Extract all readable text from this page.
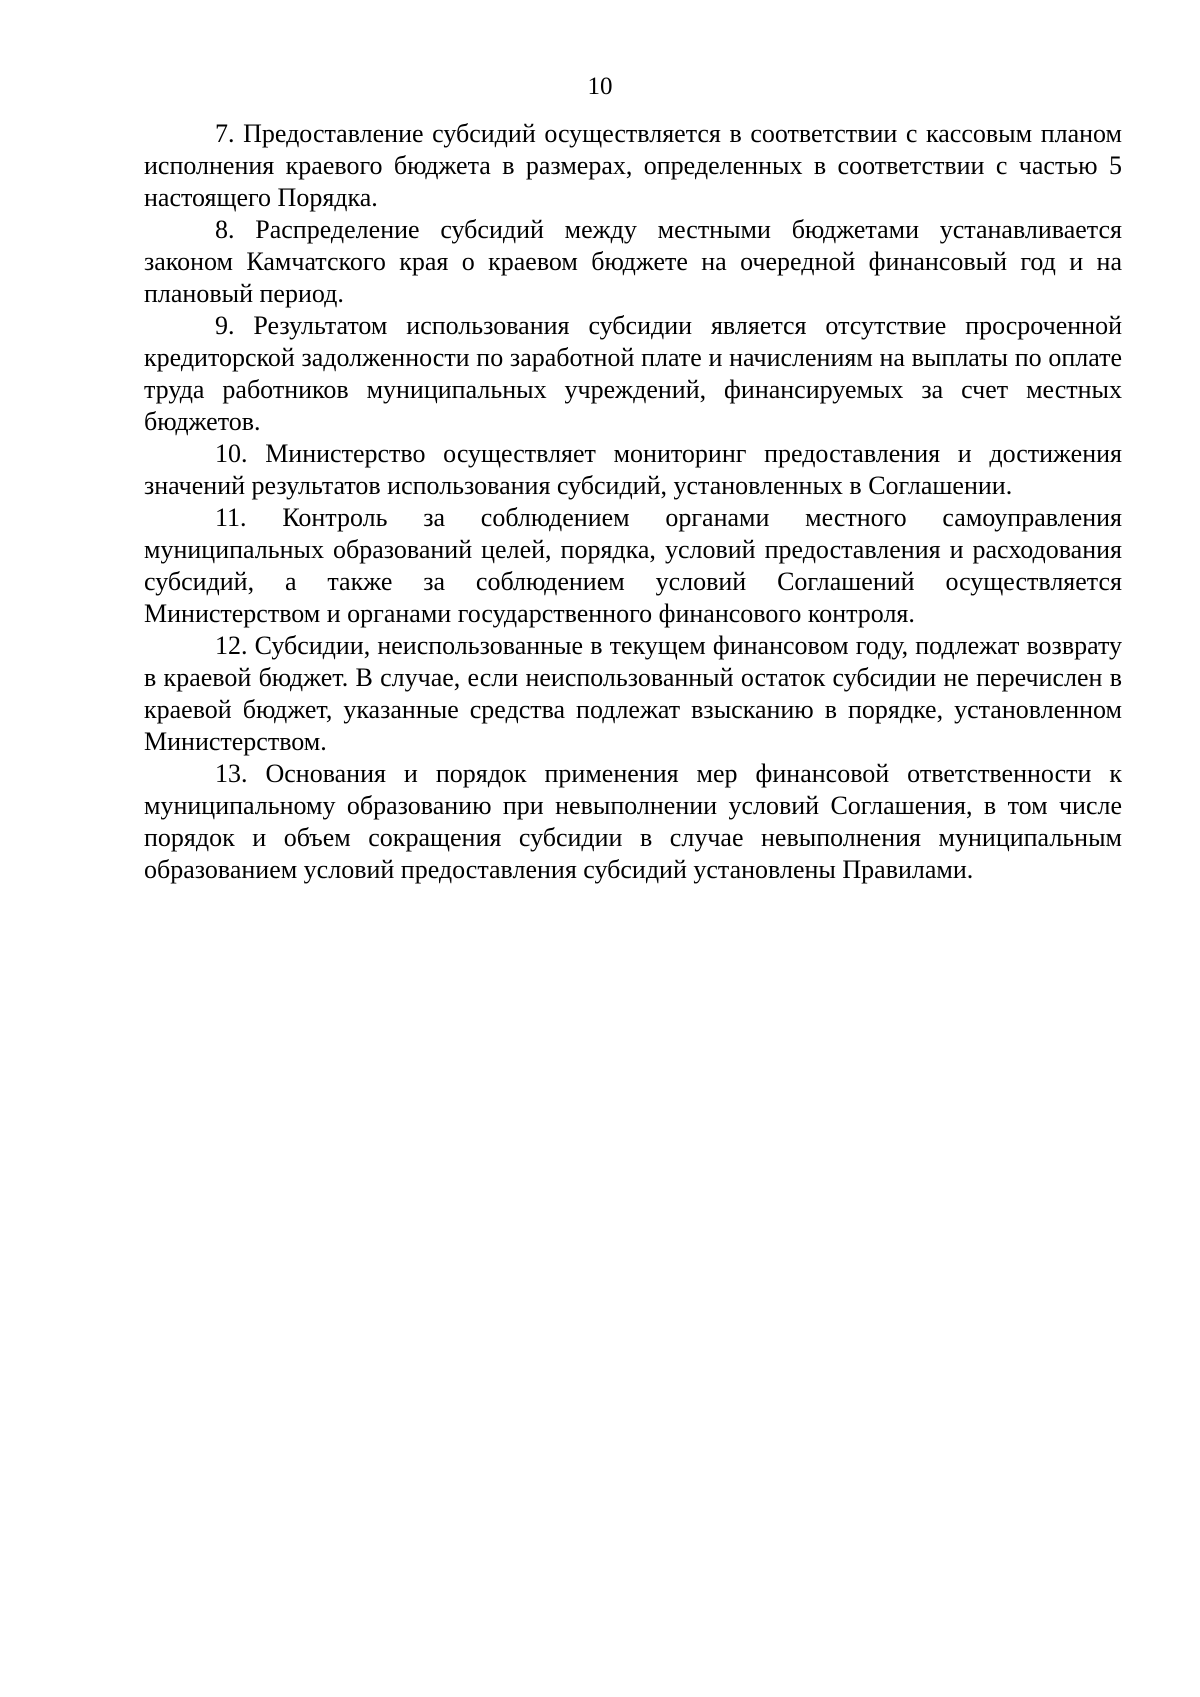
10

7. Предоставление субсидий осуществляется в соответствии с кассовым планом исполнения краевого бюджета в размерах, определенных в соответствии с частью 5 настоящего Порядка.

8. Распределение субсидий между местными бюджетами устанавливается законом Камчатского края о краевом бюджете на очередной финансовый год и на плановый период.

9. Результатом использования субсидии является отсутствие просроченной кредиторской задолженности по заработной плате и начислениям на выплаты по оплате труда работников муниципальных учреждений, финансируемых за счет местных бюджетов.

10. Министерство осуществляет мониторинг предоставления и достижения значений результатов использования субсидий, установленных в Соглашении.

11. Контроль за соблюдением органами местного самоуправления муниципальных образований целей, порядка, условий предоставления и расходования субсидий, а также за соблюдением условий Соглашений осуществляется Министерством и органами государственного финансового контроля.

12. Субсидии, неиспользованные в текущем финансовом году, подлежат возврату в краевой бюджет. В случае, если неиспользованный остаток субсидии не перечислен в краевой бюджет, указанные средства подлежат взысканию в порядке, установленном Министерством.

13. Основания и порядок применения мер финансовой ответственности к муниципальному образованию при невыполнении условий Соглашения, в том числе порядок и объем сокращения субсидии в случае невыполнения муниципальным образованием условий предоставления субсидий установлены Правилами.
